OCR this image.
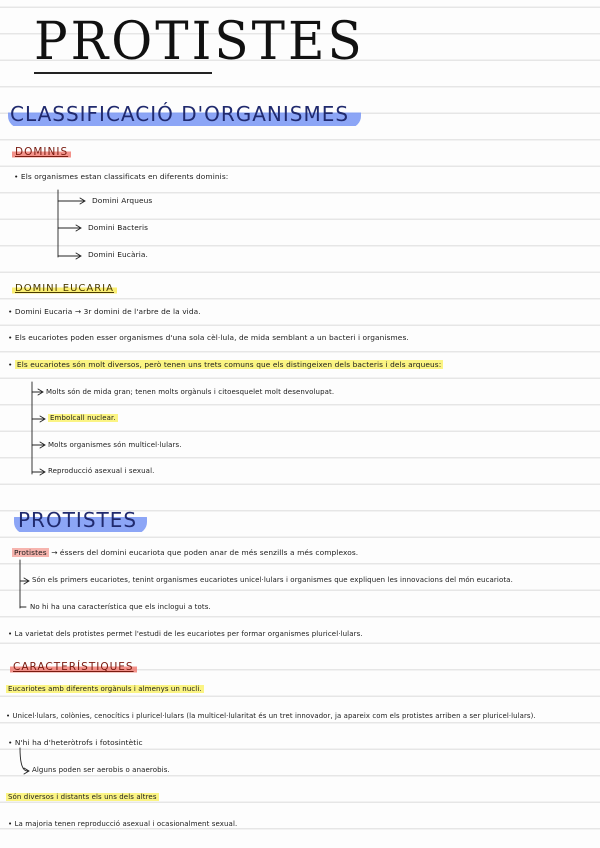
PROTISTES
CLASSIFICACIÓ D'ORGANISMES
DOMINIS
• Els organismes estan classificats en diferents dominis:
Domini Arqueus
Domini Bacteris
Domini Eucària.
DOMINI EUCARIA
• Domini Eucaria → 3r domini de l'arbre de la vida.
• Els eucariotes poden esser organismes d'una sola cèl·lula, de mida semblant a un bacteri i organismes.
• Els eucariotes són molt diversos, però tenen uns trets comuns que els distingeixen dels bacteris i dels arqueus:
Molts són de mida gran; tenen molts orgànuls i citoesquelet molt desenvolupat.
Embolcall nuclear.
Molts organismes són multicel·lulars.
Reproducció asexual i sexual.
PROTISTES
Protistes → éssers del domini eucariota que poden anar de més senzills a més complexos.
Són els primers eucariotes, tenint organismes eucariotes unicel·lulars i organismes que expliquen les innovacions del món eucariota.
No hi ha una característica que els inclogui a tots.
• La varietat dels protistes permet l'estudi de les eucariotes per formar organismes pluricel·lulars.
CARACTERÍSTIQUES
Eucariotes amb diferents orgànuls i almenys un nucli.
• Unicel·lulars, colònies, cenocítics i pluricel·lulars (la multicel·lularitat és un tret innovador, ja apareix com els protistes arriben a ser pluricel·lulars).
• N'hi ha d'heteròtrofs i fotosintètic
Alguns poden ser aerobis o anaerobis.
Són diversos i distants els uns dels altres
• La majoria tenen reproducció asexual i ocasionalment sexual.
